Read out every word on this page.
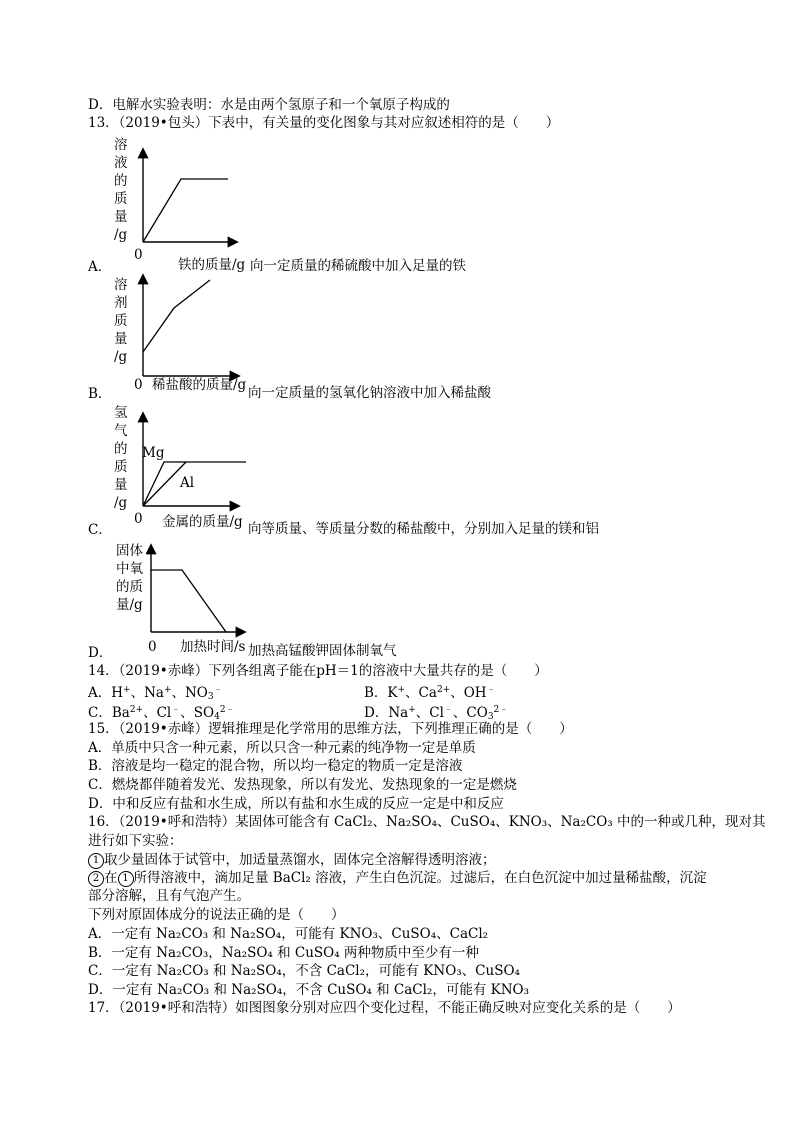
D．电解水实验表明：水是由两个氢原子和一个氧原子构成的
13．（2019•包头）下表中，有关量的变化图象与其对应叙述相符的是（　　）
溶
液
的
质
量
/g
0
铁的质量/g 向一定质量的稀硫酸中加入足量的铁
A．
溶
剂
质
量
/g
0 稀盐酸的质量/g 向一定质量的氢氧化钠溶液中加入稀盐酸
B．
氢
气
的
质
量
/g
Mg
Al
0 金属的质量/g 向等质量、等质量分数的稀盐酸中，分别加入足量的镁和铝
C．
固体
中氧
的质
量/g
0 加热时间/s 加热高锰酸钾固体制氧气
D．
14．（2019•赤峰）下列各组离子能在pH＝1的溶液中大量共存的是（　　）
A．H+、Na+、$NO_3^﹣$	B．K+、$Ca^{2+}$、OH﹣
C．$Ba^{2+}$、Cl﹣、$SO_4^{2﹣}$	D．Na+、Cl﹣、$CO_3^{2﹣}$
15．（2019•赤峰）逻辑推理是化学常用的思维方法，下列推理正确的是（　　）
A．单质中只含一种元素，所以只含一种元素的纯净物一定是单质
B．溶液是均一稳定的混合物，所以均一稳定的物质一定是溶液
C．燃烧都伴随着发光、发热现象，所以有发光、发热现象的一定是燃烧
D．中和反应有盐和水生成，所以有盐和水生成的反应一定是中和反应
16．（2019•呼和浩特）某固体可能含有 CaCl₂、Na₂SO₄、CuSO₄、KNO₃、Na₂CO₃ 中的一种或几种，现对其
进行如下实验：
1 取少量固体于试管中，加适量蒸馏水，固体完全溶解得透明溶液；
2 在 1 所得溶液中，滴加足量 BaCl₂ 溶液，产生白色沉淀。过滤后，在白色沉淀中加过量稀盐酸，沉淀
部分溶解，且有气泡产生。
下列对原固体成分的说法正确的是（　　）
A．一定有 Na₂CO₃ 和 Na₂SO₄，可能有 KNO₃、CuSO₄、CaCl₂
B．一定有 Na₂CO₃，Na₂SO₄ 和 CuSO₄ 两种物质中至少有一种
C．一定有 Na₂CO₃ 和 Na₂SO₄，不含 CaCl₂，可能有 KNO₃、CuSO₄
D．一定有 Na₂CO₃ 和 Na₂SO₄，不含 CuSO₄ 和 CaCl₂，可能有 KNO₃
17．（2019•呼和浩特）如图图象分别对应四个变化过程，不能正确反映对应变化关系的是（　　）
